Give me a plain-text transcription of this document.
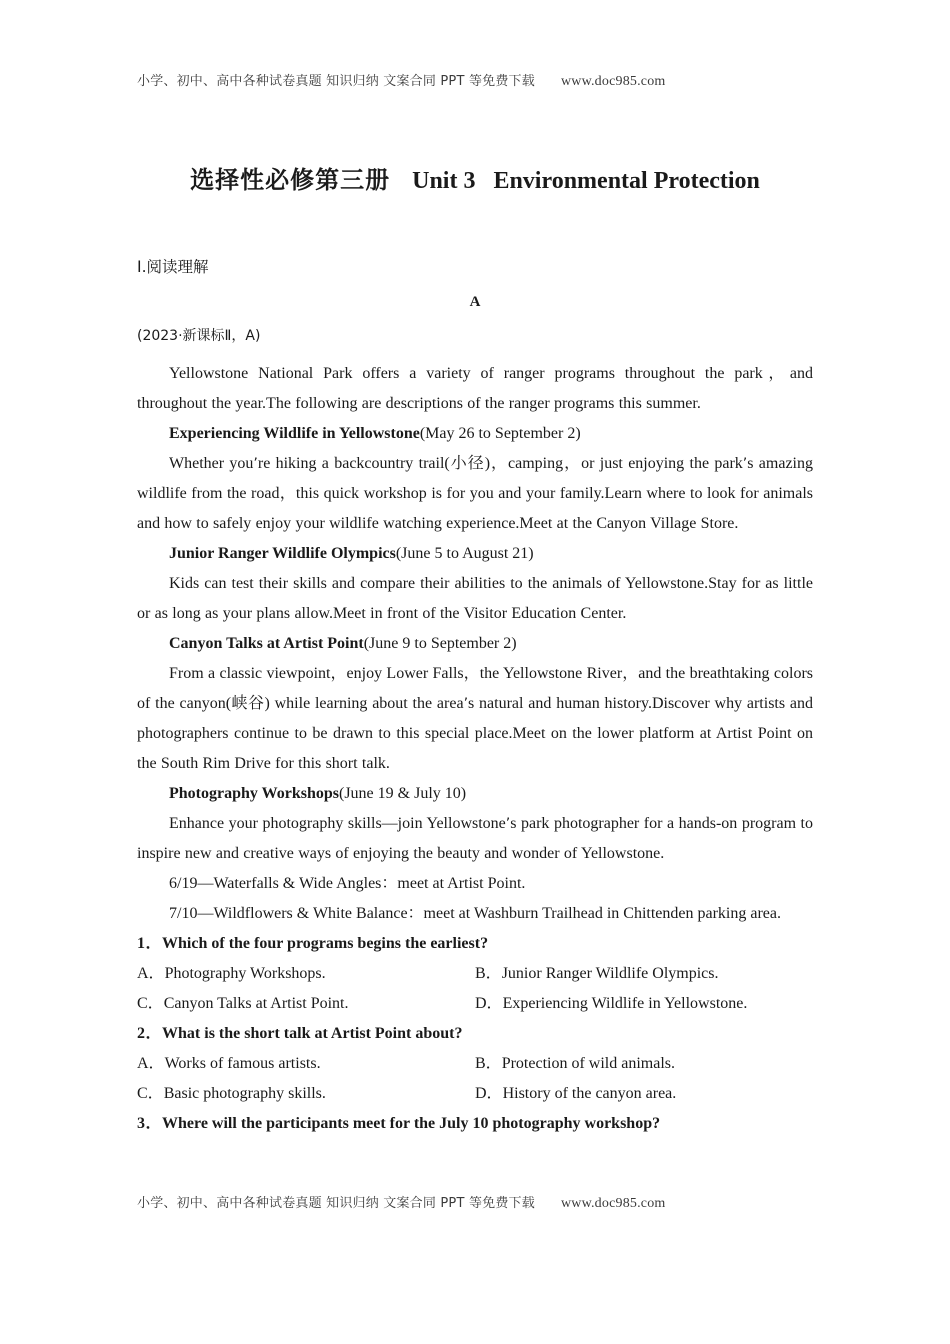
小学、初中、高中各种试卷真题 知识归纳 文案合同 PPT 等免费下载 www.doc985.com
选择性必修第三册 Unit 3 Environmental Protection
Ⅰ.阅读理解
A
(2023·新课标Ⅱ，A)

Yellowstone National Park offers a variety of ranger programs throughout the park，and throughout the year.The following are descriptions of the ranger programs this summer.

Experiencing Wildlife in Yellowstone(May 26 to September 2)

Whether you’re hiking a backcountry trail(小径)，camping，or just enjoying the park’s amazing wildlife from the road，this quick workshop is for you and your family.Learn where to look for animals and how to safely enjoy your wildlife watching experience.Meet at the Canyon Village Store.

Junior Ranger Wildlife Olympics(June 5 to August 21)

Kids can test their skills and compare their abilities to the animals of Yellowstone.Stay for as little or as long as your plans allow.Meet in front of the Visitor Education Center.

Canyon Talks at Artist Point(June 9 to September 2)

From a classic viewpoint，enjoy Lower Falls，the Yellowstone River，and the breathtaking colors of the canyon(峡谷) while learning about the area’s natural and human history.Discover why artists and photographers continue to be drawn to this special place.Meet on the lower platform at Artist Point on the South Rim Drive for this short talk.

Photography Workshops(June 19 & July 10)

Enhance your photography skills—join Yellowstone’s park photographer for a hands-on program to inspire new and creative ways of enjoying the beauty and wonder of Yellowstone.

6/19—Waterfalls & Wide Angles：meet at Artist Point.

7/10—Wildflowers & White Balance：meet at Washburn Trailhead in Chittenden parking area.

1．Which of the four programs begins the earliest?

A．Photography Workshops.	B．Junior Ranger Wildlife Olympics.
C．Canyon Talks at Artist Point.	D．Experiencing Wildlife in Yellowstone.

2．What is the short talk at Artist Point about?

A．Works of famous artists.	B．Protection of wild animals.
C．Basic photography skills.	D．History of the canyon area.

3．Where will the participants meet for the July 10 photography workshop?

小学、初中、高中各种试卷真题 知识归纳 文案合同 PPT 等免费下载 www.doc985.com
